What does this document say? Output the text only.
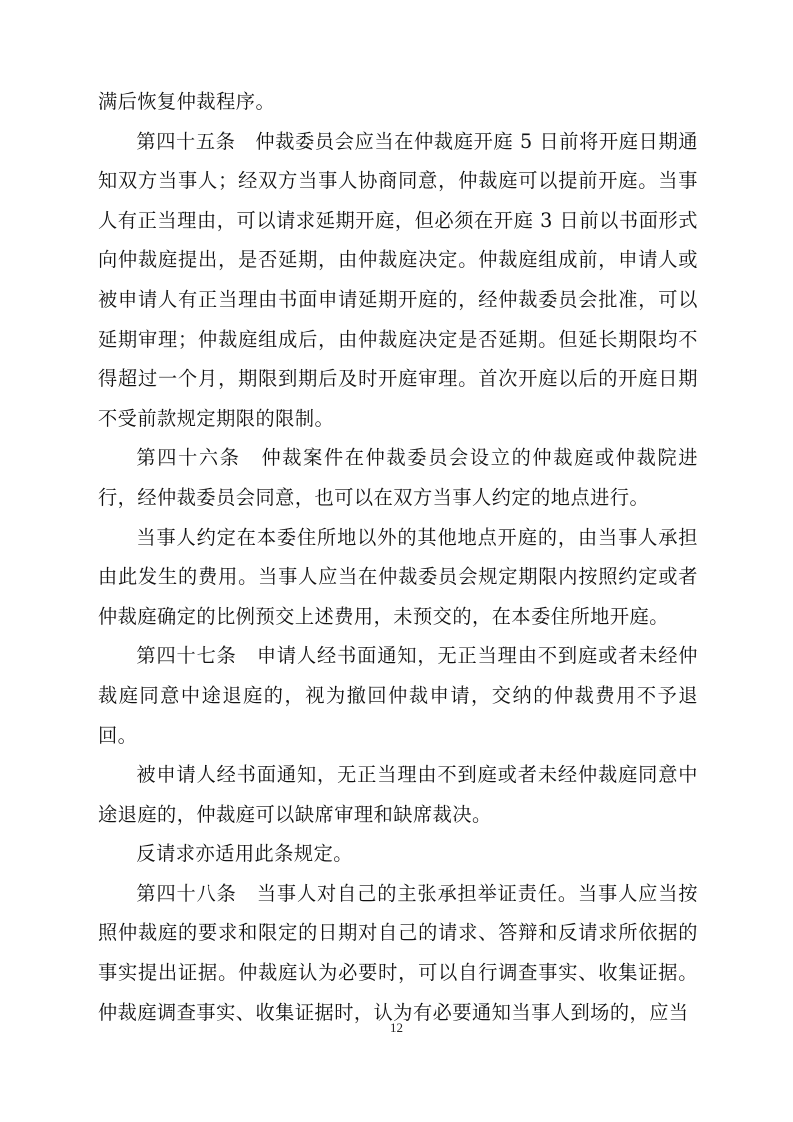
满后恢复仲裁程序。

第四十五条　仲裁委员会应当在仲裁庭开庭 5 日前将开庭日期通知双方当事人；经双方当事人协商同意，仲裁庭可以提前开庭。当事人有正当理由，可以请求延期开庭，但必须在开庭 3 日前以书面形式向仲裁庭提出，是否延期，由仲裁庭决定。仲裁庭组成前，申请人或被申请人有正当理由书面申请延期开庭的，经仲裁委员会批准，可以延期审理；仲裁庭组成后，由仲裁庭决定是否延期。但延长期限均不得超过一个月，期限到期后及时开庭审理。首次开庭以后的开庭日期不受前款规定期限的限制。

第四十六条　仲裁案件在仲裁委员会设立的仲裁庭或仲裁院进行，经仲裁委员会同意，也可以在双方当事人约定的地点进行。

当事人约定在本委住所地以外的其他地点开庭的，由当事人承担由此发生的费用。当事人应当在仲裁委员会规定期限内按照约定或者仲裁庭确定的比例预交上述费用，未预交的，在本委住所地开庭。

第四十七条　申请人经书面通知，无正当理由不到庭或者未经仲裁庭同意中途退庭的，视为撤回仲裁申请，交纳的仲裁费用不予退回。

被申请人经书面通知，无正当理由不到庭或者未经仲裁庭同意中途退庭的，仲裁庭可以缺席审理和缺席裁决。

反请求亦适用此条规定。

第四十八条　当事人对自己的主张承担举证责任。当事人应当按照仲裁庭的要求和限定的日期对自己的请求、答辩和反请求所依据的事实提出证据。仲裁庭认为必要时，可以自行调查事实、收集证据。仲裁庭调查事实、收集证据时，认为有必要通知当事人到场的，应当

12
